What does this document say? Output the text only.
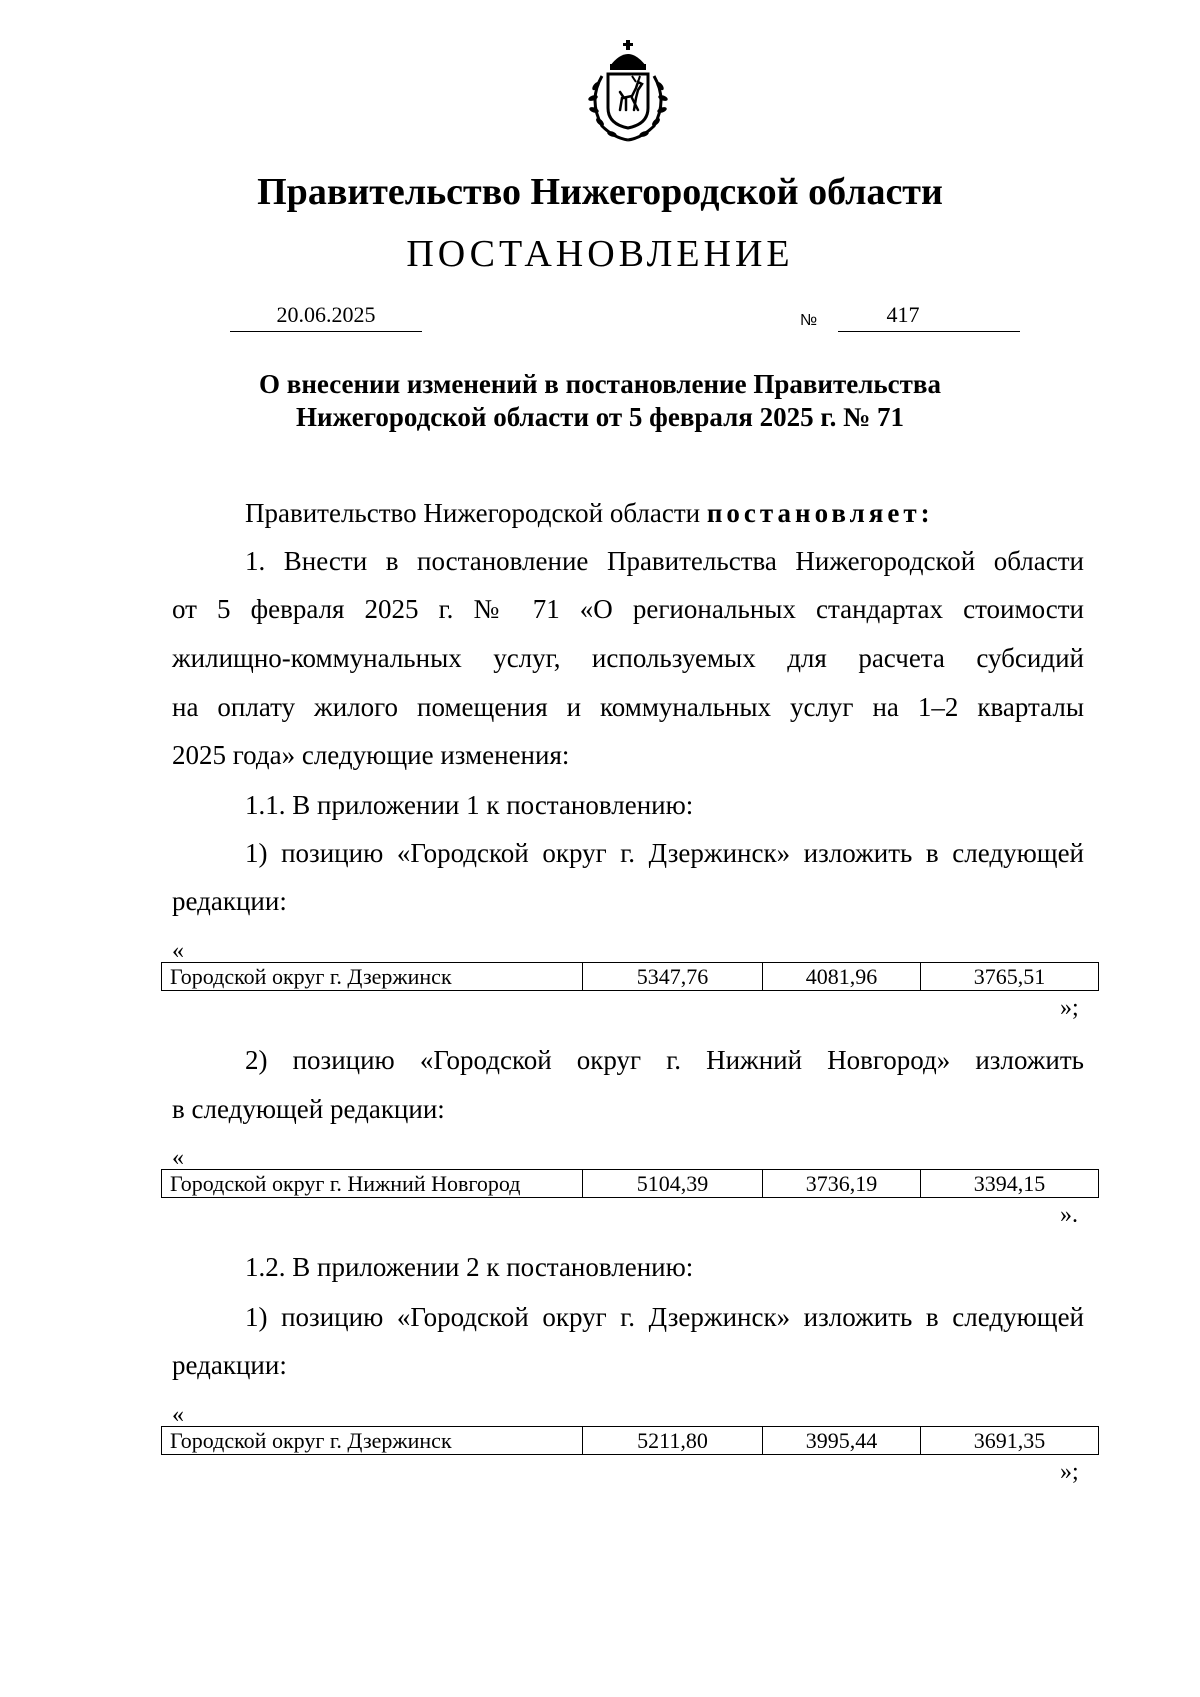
Правительство Нижегородской области
ПОСТАНОВЛЕНИЕ
20.06.2025	№	417
О внесении изменений в постановление Правительства
Нижегородской области от 5 февраля 2025 г. № 71
Правительство Нижегородской области постановляет:
1. Внести в постановление Правительства Нижегородской области
от 5 февраля 2025 г. № 71 «О региональных стандартах стоимости
жилищно-коммунальных услуг, используемых для расчета субсидий
на оплату жилого помещения и коммунальных услуг на 1–2 кварталы
2025 года» следующие изменения:
1.1. В приложении 1 к постановлению:
1) позицию «Городской округ г. Дзержинск» изложить в следующей
редакции:
«
Городской округ г. Дзержинск	5347,76	4081,96	3765,51
»;
2) позицию «Городской округ г. Нижний Новгород» изложить
в следующей редакции:
«
Городской округ г. Нижний Новгород	5104,39	3736,19	3394,15
».
1.2. В приложении 2 к постановлению:
1) позицию «Городской округ г. Дзержинск» изложить в следующей
редакции:
«
Городской округ г. Дзержинск	5211,80	3995,44	3691,35
»;
